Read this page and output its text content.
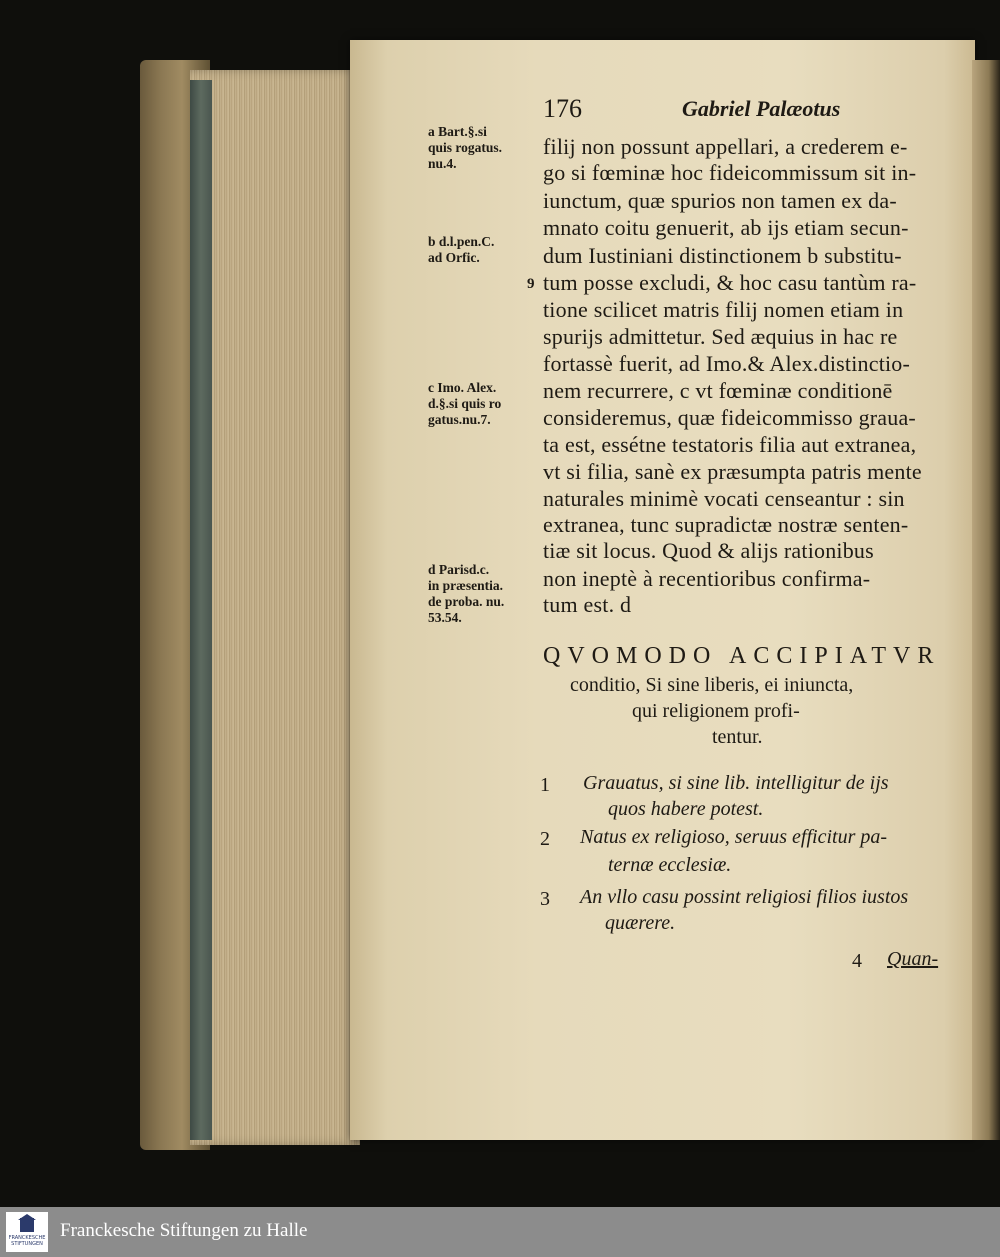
176	Gabriel Palæotus
a Bart.§.si
quis rogatus.
nu.4.
b d.l.pen.C.
ad Orfic.
9
c Imo. Alex.
d.§.si quis ro
gatus.nu.7.
d Parisd.c.
in præsentia.
de proba. nu.
53.54.
filij non possunt appellari, a crederem e-
go si fœminæ hoc fideicommissum sit in-
iunctum, quæ spurios non tamen ex da-
mnato coitu genuerit, ab ijs etiam secun-
dum Iustiniani distinctionem b substitu-
tum posse excludi, & hoc casu tantùm ra-
tione scilicet matris filij nomen etiam in
spurijs admittetur. Sed æquius in hac re
fortassè fuerit, ad Imo.& Alex.distinctio-
nem recurrere, c vt fœminæ conditionē
consideremus, quæ fideicommisso graua-
ta est, essétne testatoris filia aut extranea,
vt si filia, sanè ex præsumpta patris mente
naturales minimè vocati censeantur : sin
extranea, tunc supradictæ nostræ senten-
tiæ sit locus. Quod & alijs rationibus
non ineptè à recentioribus confirma-
tum est. d
QVOMODO ACCIPIATVR
conditio, Si sine liberis, ei iniuncta,
qui religionem profi-
tentur.
1 Grauatus, si sine lib. intelligitur de ijs
quos habere potest.
2 Natus ex religioso, seruus efficitur pa-
ternæ ecclesiæ.
3 An vllo casu possint religiosi filios iustos
quærere.
4 Quan-
FRANCKESCHE STIFTUNGEN
Franckesche Stiftungen zu Halle
